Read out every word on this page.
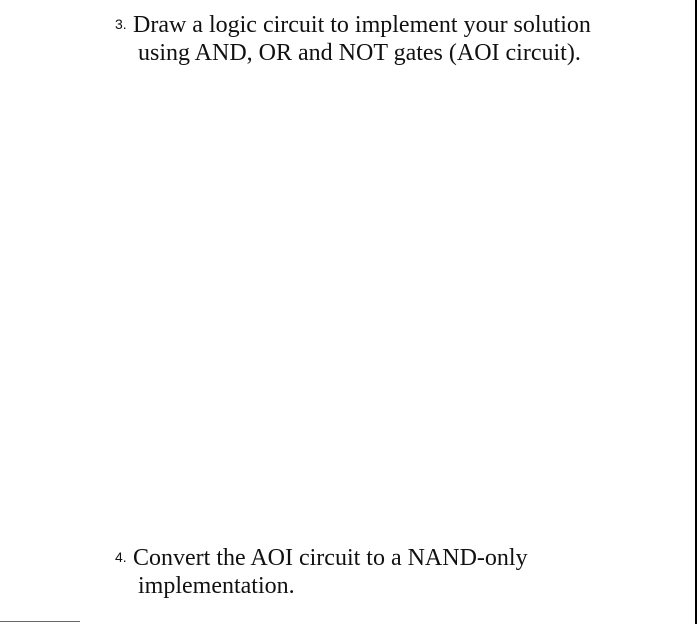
3. Draw a logic circuit to implement your solution
using AND, OR and NOT gates (AOI circuit).
4. Convert the AOI circuit to a NAND-only
implementation.
